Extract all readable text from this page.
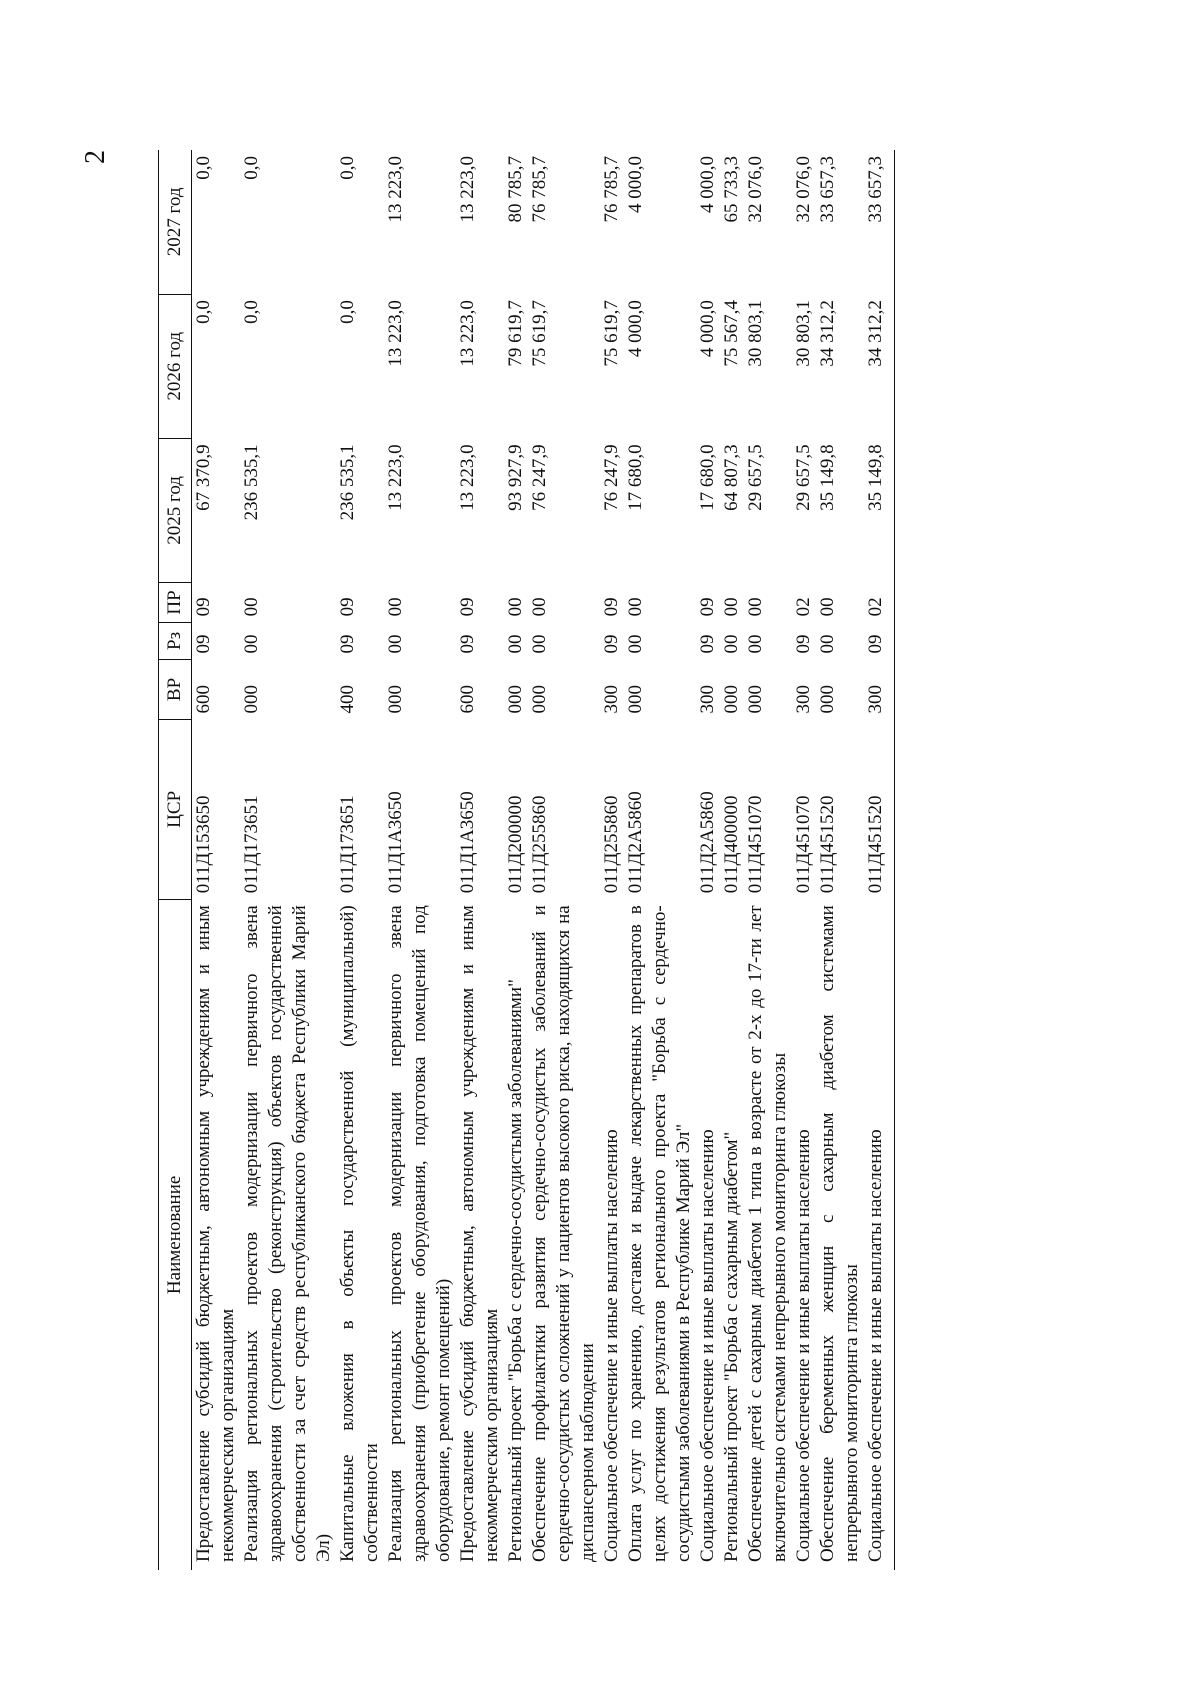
2
Наименование	ЦСР	ВР	Рз	ПР	2025 год	2026 год	2027 год
Предоставление субсидий бюджетным, автономным учреждениям и иным некоммерческим организациям	011Д153650	600	09	09	67 370,9	0,0	0,0
Реализация региональных проектов модернизации первичного звена здравоохранения (строительство (реконструкция) объектов государственной собственности за счет средств республиканского бюджета Республики Марий Эл)	011Д173651	000	00	00	236 535,1	0,0	0,0
Капитальные вложения в объекты государственной (муниципальной) собственности	011Д173651	400	09	09	236 535,1	0,0	0,0
Реализация региональных проектов модернизации первичного звена здравоохранения (приобретение оборудования, подготовка помещений под оборудование, ремонт помещений)	011Д1А3650	000	00	00	13 223,0	13 223,0	13 223,0
Предоставление субсидий бюджетным, автономным учреждениям и иным некоммерческим организациям	011Д1А3650	600	09	09	13 223,0	13 223,0	13 223,0
Региональный проект "Борьба с сердечно-сосудистыми заболеваниями"	011Д200000	000	00	00	93 927,9	79 619,7	80 785,7
Обеспечение профилактики развития сердечно-сосудистых заболеваний и сердечно-сосудистых осложнений у пациентов высокого риска, находящихся на диспансерном наблюдении	011Д255860	000	00	00	76 247,9	75 619,7	76 785,7
Социальное обеспечение и иные выплаты населению	011Д255860	300	09	09	76 247,9	75 619,7	76 785,7
Оплата услуг по хранению, доставке и выдаче лекарственных препаратов в целях достижения результатов регионального проекта "Борьба с сердечно-сосудистыми заболеваниями в Республике Марий Эл"	011Д2А5860	000	00	00	17 680,0	4 000,0	4 000,0
Социальное обеспечение и иные выплаты населению	011Д2А5860	300	09	09	17 680,0	4 000,0	4 000,0
Региональный проект "Борьба с сахарным диабетом"	011Д400000	000	00	00	64 807,3	75 567,4	65 733,3
Обеспечение детей с сахарным диабетом 1 типа в возрасте от 2-х до 17-ти лет включительно системами непрерывного мониторинга глюкозы	011Д451070	000	00	00	29 657,5	30 803,1	32 076,0
Социальное обеспечение и иные выплаты населению	011Д451070	300	09	02	29 657,5	30 803,1	32 076,0
Обеспечение беременных женщин с сахарным диабетом системами непрерывного мониторинга глюкозы	011Д451520	000	00	00	35 149,8	34 312,2	33 657,3
Социальное обеспечение и иные выплаты населению	011Д451520	300	09	02	35 149,8	34 312,2	33 657,3
